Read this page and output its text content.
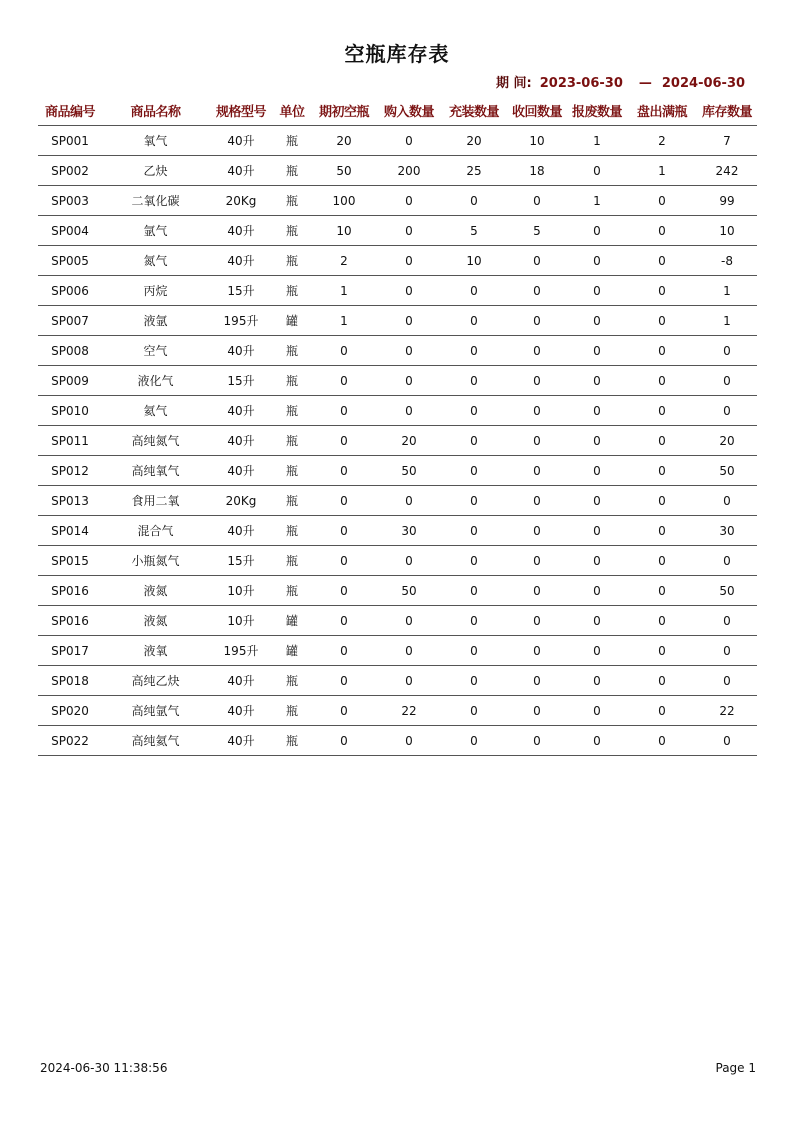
空瓶库存表
期 间: 2023-06-30 — 2024-06-30
商品编号	商品名称	规格型号	单位	期初空瓶	购入数量	充装数量	收回数量	报废数量	盘出满瓶	库存数量
SP001	氧气	40升	瓶	20	0	20	10	1	2	7
SP002	乙炔	40升	瓶	50	200	25	18	0	1	242
SP003	二氧化碳	20Kg	瓶	100	0	0	0	1	0	99
SP004	氩气	40升	瓶	10	0	5	5	0	0	10
SP005	氮气	40升	瓶	2	0	10	0	0	0	-8
SP006	丙烷	15升	瓶	1	0	0	0	0	0	1
SP007	液氩	195升	罐	1	0	0	0	0	0	1
SP008	空气	40升	瓶	0	0	0	0	0	0	0
SP009	液化气	15升	瓶	0	0	0	0	0	0	0
SP010	氦气	40升	瓶	0	0	0	0	0	0	0
SP011	高纯氮气	40升	瓶	0	20	0	0	0	0	20
SP012	高纯氧气	40升	瓶	0	50	0	0	0	0	50
SP013	食用二氧	20Kg	瓶	0	0	0	0	0	0	0
SP014	混合气	40升	瓶	0	30	0	0	0	0	30
SP015	小瓶氮气	15升	瓶	0	0	0	0	0	0	0
SP016	液氮	10升	瓶	0	50	0	0	0	0	50
SP016	液氮	10升	罐	0	0	0	0	0	0	0
SP017	液氧	195升	罐	0	0	0	0	0	0	0
SP018	高纯乙炔	40升	瓶	0	0	0	0	0	0	0
SP020	高纯氩气	40升	瓶	0	22	0	0	0	0	22
SP022	高纯氦气	40升	瓶	0	0	0	0	0	0	0
2024-06-30 11:38:56	Page 1
